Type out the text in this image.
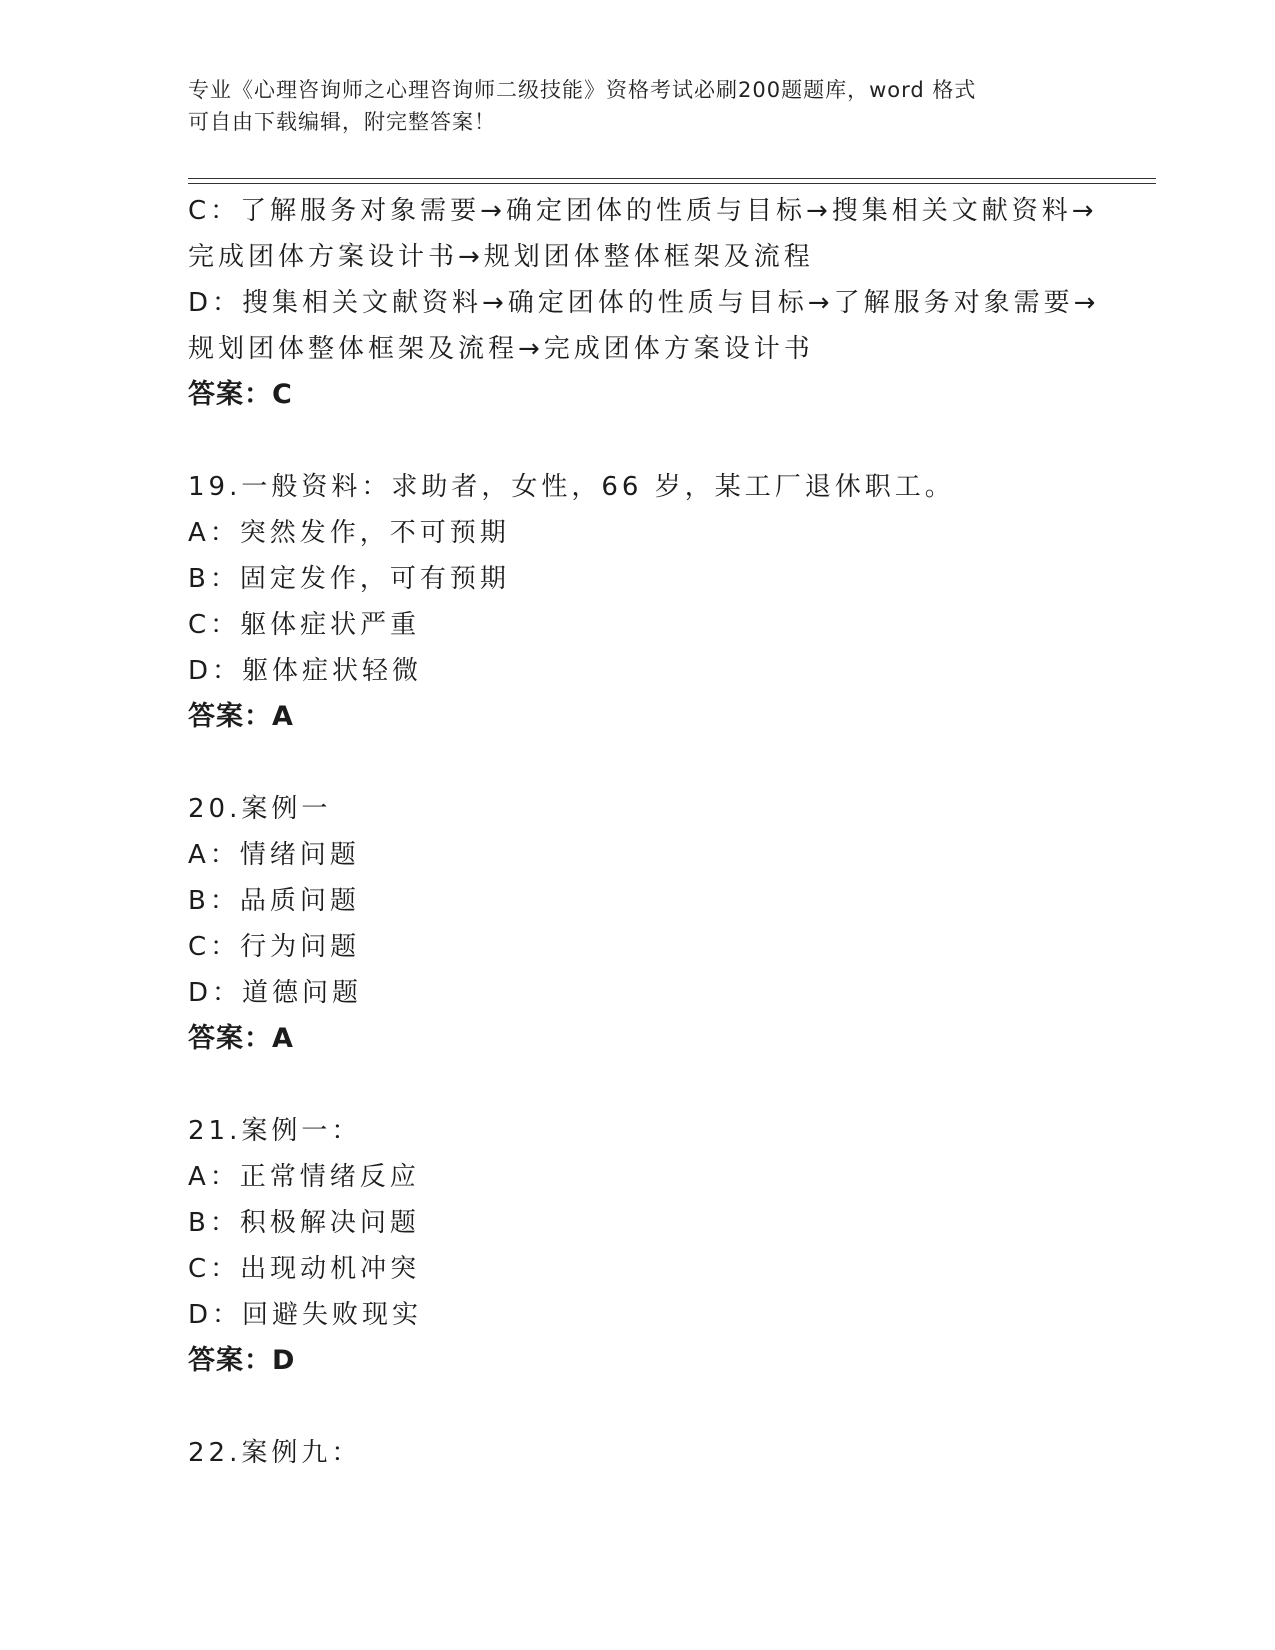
专业《心理咨询师之心理咨询师二级技能》资格考试必刷200题题库，word 格式
可自由下载编辑，附完整答案！
C：了解服务对象需要→确定团体的性质与目标→搜集相关文献资料→
完成团体方案设计书→规划团体整体框架及流程
D：搜集相关文献资料→确定团体的性质与目标→了解服务对象需要→
规划团体整体框架及流程→完成团体方案设计书
答案：C
19.一般资料：求助者，女性，66 岁，某工厂退休职工。
A：突然发作，不可预期
B：固定发作，可有预期
C：躯体症状严重
D：躯体症状轻微
答案：A
20.案例一
A：情绪问题
B：品质问题
C：行为问题
D：道德问题
答案：A
21.案例一：
A：正常情绪反应
B：积极解决问题
C：出现动机冲突
D：回避失败现实
答案：D
22.案例九：
